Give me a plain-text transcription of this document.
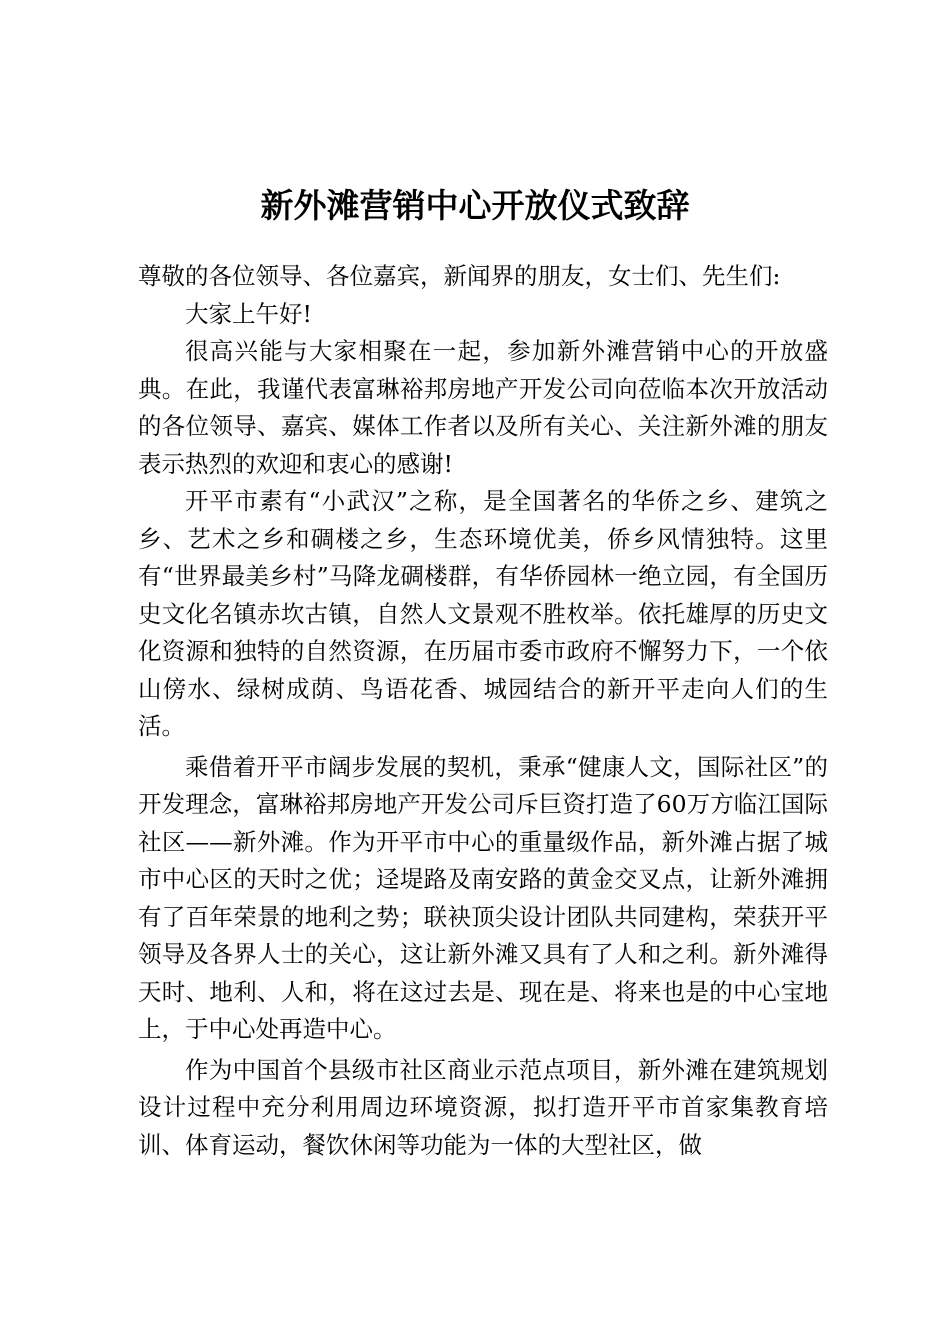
新外滩营销中心开放仪式致辞

尊敬的各位领导、各位嘉宾，新闻界的朋友，女士们、先生们:

大家上午好!

很高兴能与大家相聚在一起，参加新外滩营销中心的开放盛典。在此，我谨代表富琳裕邦房地产开发公司向莅临本次开放活动的各位领导、嘉宾、媒体工作者以及所有关心、关注新外滩的朋友表示热烈的欢迎和衷心的感谢!

开平市素有“小武汉”之称，是全国著名的华侨之乡、建筑之乡、艺术之乡和碉楼之乡，生态环境优美，侨乡风情独特。这里有“世界最美乡村”马降龙碉楼群，有华侨园林一绝立园，有全国历史文化名镇赤坎古镇，自然人文景观不胜枚举。依托雄厚的历史文化资源和独特的自然资源，在历届市委市政府不懈努力下，一个依山傍水、绿树成荫、鸟语花香、城园结合的新开平走向人们的生活。

乘借着开平市阔步发展的契机，秉承“健康人文，国际社区”的开发理念，富琳裕邦房地产开发公司斥巨资打造了60万方临江国际社区——新外滩。作为开平市中心的重量级作品，新外滩占据了城市中心区的天时之优；迳堤路及南安路的黄金交叉点，让新外滩拥有了百年荣景的地利之势；联袂顶尖设计团队共同建构，荣获开平领导及各界人士的关心，这让新外滩又具有了人和之利。新外滩得天时、地利、人和，将在这过去是、现在是、将来也是的中心宝地上，于中心处再造中心。

作为中国首个县级市社区商业示范点项目，新外滩在建筑规划设计过程中充分利用周边环境资源，拟打造开平市首家集教育培训、体育运动，餐饮休闲等功能为一体的大型社区，做
